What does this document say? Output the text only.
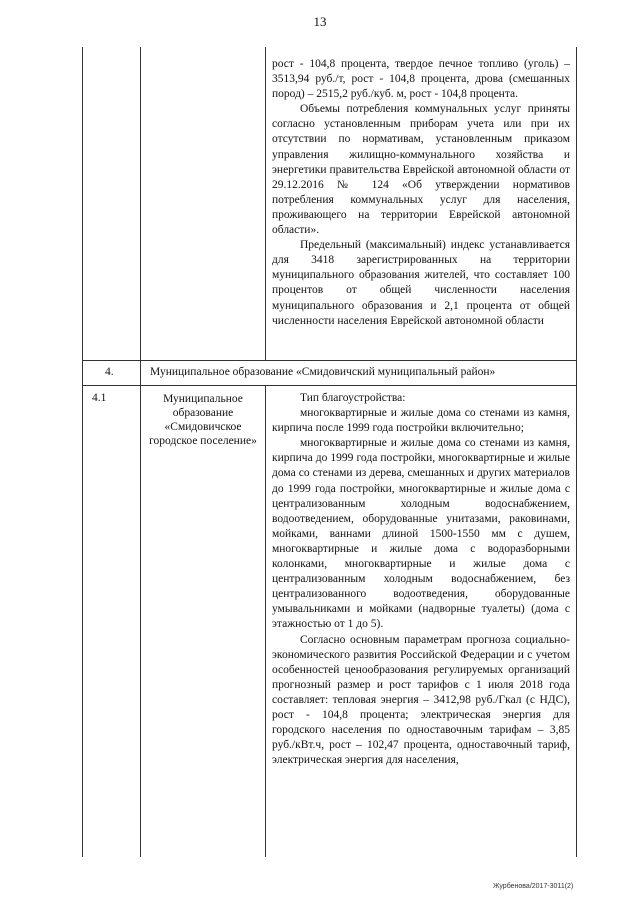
13

рост - 104,8 процента, твердое печное топливо (уголь) – 3513,94 руб./т, рост - 104,8 процента, дрова (смешанных пород) – 2515,2 руб./куб. м, рост - 104,8 процента.

Объемы потребления коммунальных услуг приняты согласно установленным приборам учета или при их отсутствии по нормативам, установленным приказом управления жилищно-коммунального хозяйства и энергетики правительства Еврейской автономной области от 29.12.2016 № 124 «Об утверждении нормативов потребления коммунальных услуг для населения, проживающего на территории Еврейской автономной области».

Предельный (максимальный) индекс устанавливается для 3418 зарегистрированных на территории муниципального образования жителей, что составляет 100 процентов от общей численности населения муниципального образования и 2,1 процента от общей численности населения Еврейской автономной области

4.	Муниципальное образование «Смидовичский муниципальный район»
4.1	Муниципальное образование «Смидовичское городское поселение»

Тип благоустройства:

многоквартирные и жилые дома со стенами из камня, кирпича после 1999 года постройки включительно;

многоквартирные и жилые дома со стенами из камня, кирпича до 1999 года постройки, многоквартирные и жилые дома со стенами из дерева, смешанных и других материалов до 1999 года постройки, многоквартирные и жилые дома с централизованным холодным водоснабжением, водоотведением, оборудованные унитазами, раковинами, мойками, ваннами длиной 1500-1550 мм с душем, многоквартирные и жилые дома с водоразборными колонками, многоквартирные и жилые дома с централизованным холодным водоснабжением, без централизованного водоотведения, оборудованные умывальниками и мойками (надворные туалеты) (дома с этажностью от 1 до 5).

Согласно основным параметрам прогноза социально-экономического развития Российской Федерации и с учетом особенностей ценообразования регулируемых организаций прогнозный размер и рост тарифов с 1 июля 2018 года составляет: тепловая энергия – 3412,98 руб./Гкал (с НДС), рост - 104,8 процента; электрическая энергия для городского населения по одноставочным тарифам – 3,85 руб./кВт.ч, рост – 102,47 процента, одноставочный тариф, электрическая энергия для населения,

Журбенова/2017-3011(2)
